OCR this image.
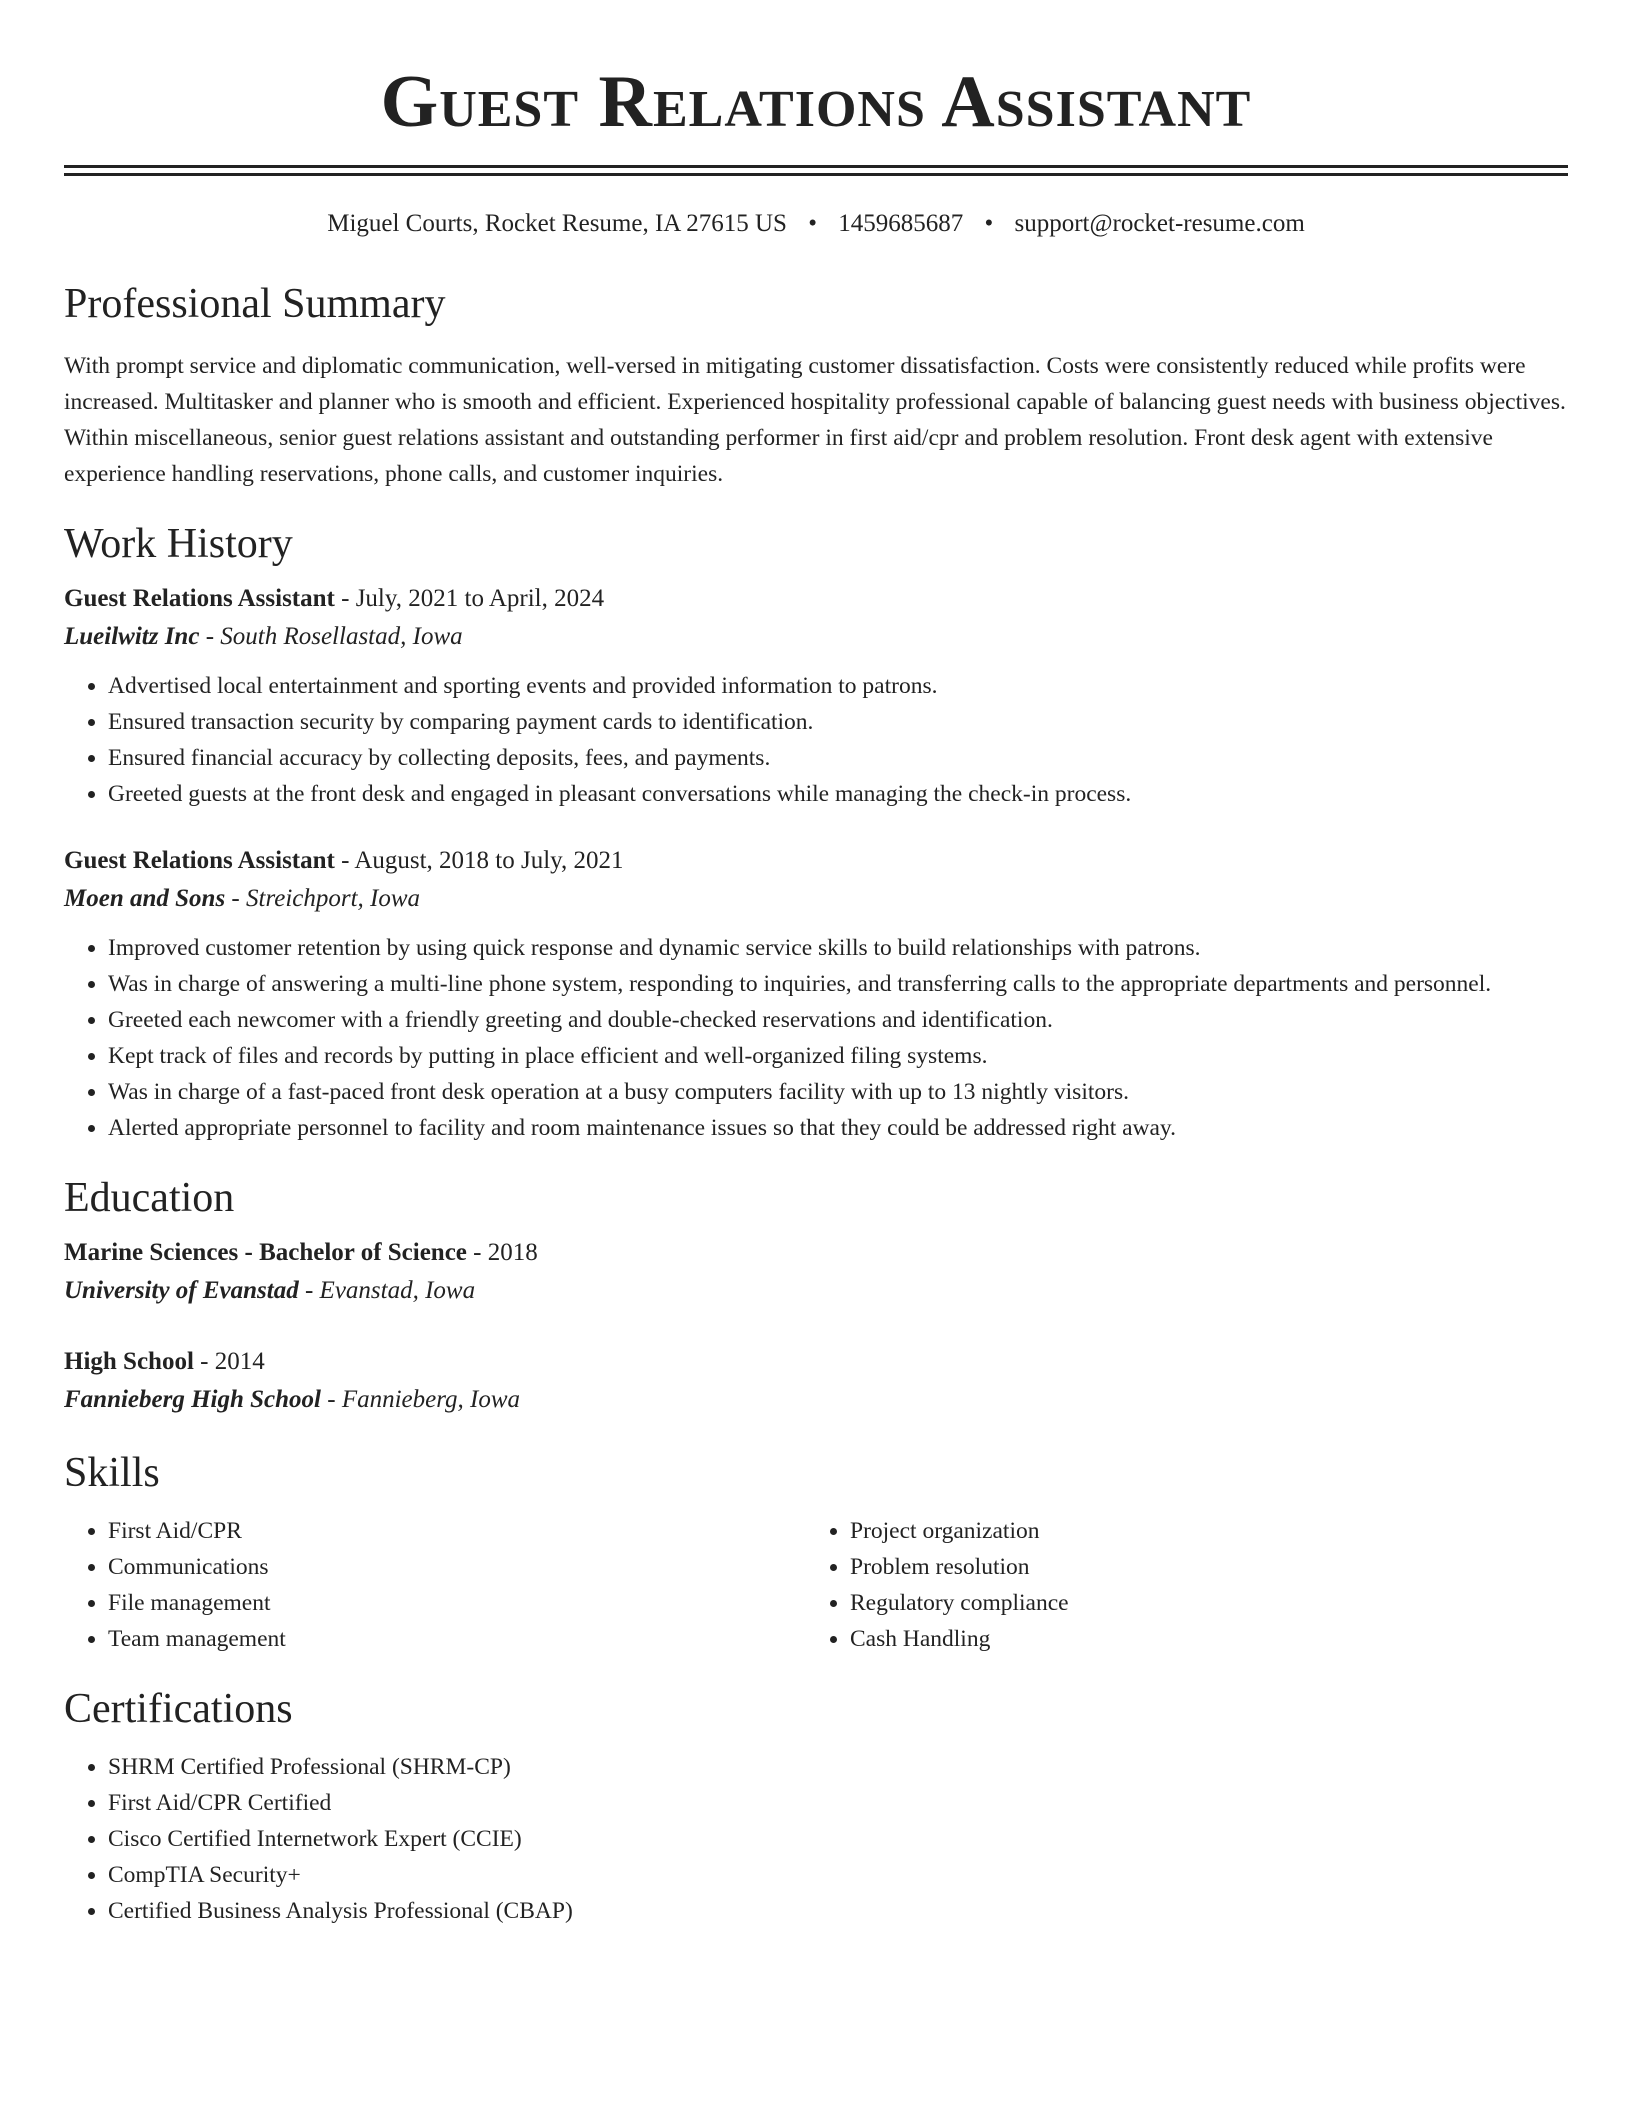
Guest Relations Assistant
Miguel Courts, Rocket Resume, IA 27615 US • 1459685687 • support@rocket-resume.com
Professional Summary

With prompt service and diplomatic communication, well-versed in mitigating customer dissatisfaction. Costs were consistently reduced while profits were increased. Multitasker and planner who is smooth and efficient. Experienced hospitality professional capable of balancing guest needs with business objectives. Within miscellaneous, senior guest relations assistant and outstanding performer in first aid/cpr and problem resolution. Front desk agent with extensive experience handling reservations, phone calls, and customer inquiries.

Work History
Guest Relations Assistant - July, 2021 to April, 2024
Lueilwitz Inc - South Rosellastad, Iowa
• Advertised local entertainment and sporting events and provided information to patrons.
• Ensured transaction security by comparing payment cards to identification.
• Ensured financial accuracy by collecting deposits, fees, and payments.
• Greeted guests at the front desk and engaged in pleasant conversations while managing the check-in process.
Guest Relations Assistant - August, 2018 to July, 2021
Moen and Sons - Streichport, Iowa
• Improved customer retention by using quick response and dynamic service skills to build relationships with patrons.
• Was in charge of answering a multi-line phone system, responding to inquiries, and transferring calls to the appropriate departments and personnel.
• Greeted each newcomer with a friendly greeting and double-checked reservations and identification.
• Kept track of files and records by putting in place efficient and well-organized filing systems.
• Was in charge of a fast-paced front desk operation at a busy computers facility with up to 13 nightly visitors.
• Alerted appropriate personnel to facility and room maintenance issues so that they could be addressed right away.
Education
Marine Sciences - Bachelor of Science - 2018
University of Evanstad - Evanstad, Iowa
High School - 2014
Fannieberg High School - Fannieberg, Iowa
Skills
• First Aid/CPR
• Communications
• File management
• Team management
• Project organization
• Problem resolution
• Regulatory compliance
• Cash Handling
Certifications
• SHRM Certified Professional (SHRM-CP)
• First Aid/CPR Certified
• Cisco Certified Internetwork Expert (CCIE)
• CompTIA Security+
• Certified Business Analysis Professional (CBAP)
